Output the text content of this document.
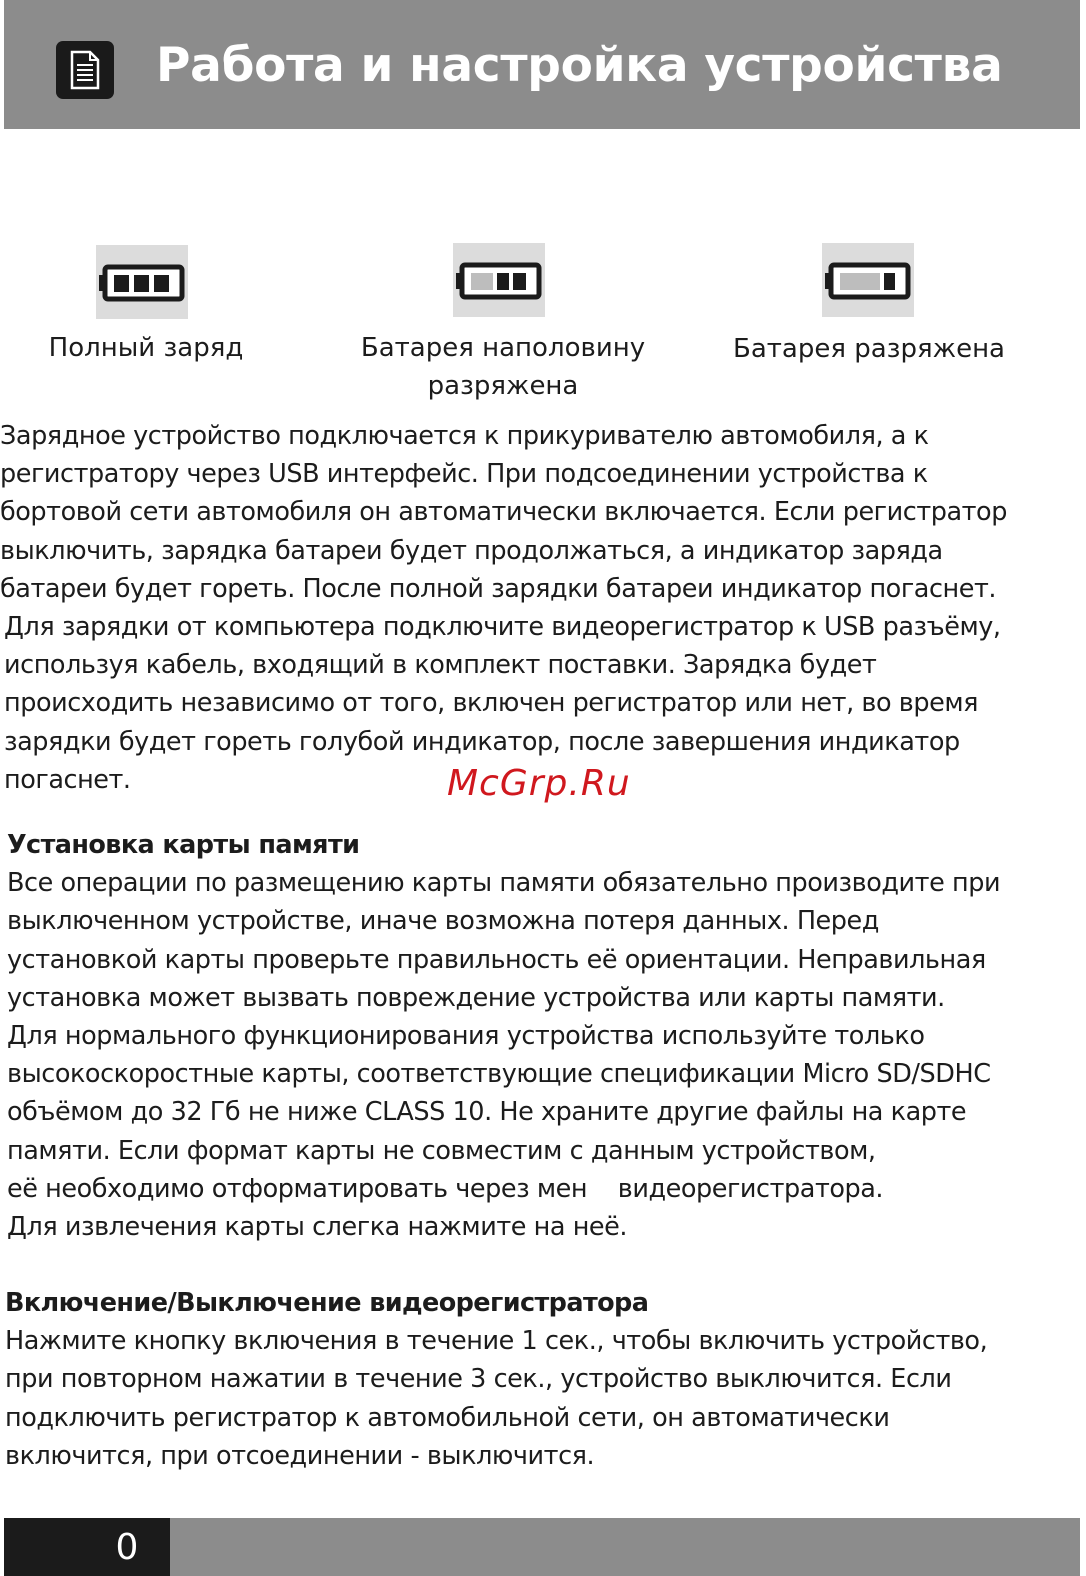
Работа и настройка устройства
Полный заряд	Батарея наполовину
разряжена
Батарея разряжена
Зарядное устройство подключается к прикуривателю автомобиля, а к
регистратору через USB интерфейс. При подсоединении устройства к
бортовой сети автомобиля он автоматически включается. Если регистратор
выключить, зарядка батареи будет продолжаться, а индикатор заряда
батареи будет гореть. После полной зарядки батареи индикатор погаснет.
Для зарядки от компьютера подключите видеорегистратор к USB разъёму,
используя кабель, входящий в комплект поставки. Зарядка будет
происходить независимо от того, включен регистратор или нет, во время
зарядки будет гореть голубой индикатор, после завершения индикатор
погаснет.	McGrp.Ru
Установка карты памяти
Все операции по размещению карты памяти обязательно производите при
выключенном устройстве, иначе возможна потеря данных. Перед
установкой карты проверьте правильность её ориентации. Неправильная
установка может вызвать повреждение устройства или карты памяти.
Для нормального функционирования устройства используйте только
высокоскоростные карты, соответствующие спецификации Micro SD/SDHC
объёмом до 32 Гб не ниже CLASS 10. Не храните другие файлы на карте
памяти. Если формат карты не совместим с данным устройством,
её необходимо отформатировать через мен    видеорегистратора.
Для извлечения карты слегка нажмите на неё.
Включение/Выключение видеорегистратора
Нажмите кнопку включения в течение 1 сек., чтобы включить устройство,
при повторном нажатии в течение 3 сек., устройство выключится. Если
подключить регистратор к автомобильной сети, он автоматически
включится, при отсоединении - выключится.
0
